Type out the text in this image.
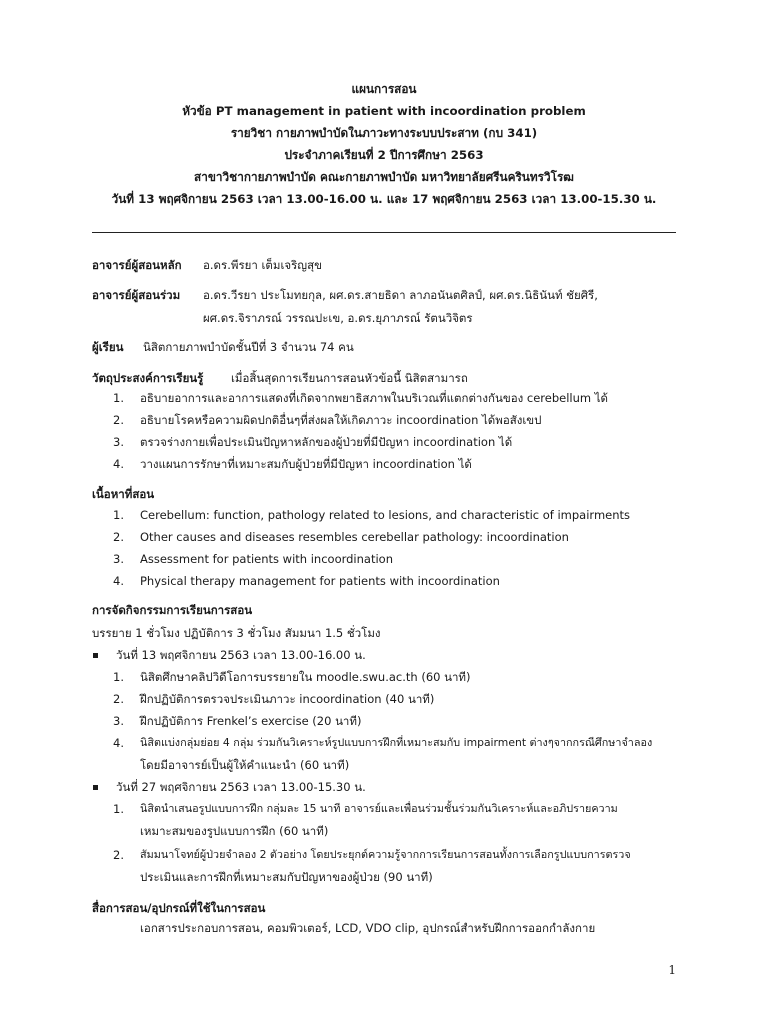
แผนการสอน
หัวข้อ PT management in patient with incoordination problem
รายวิชา กายภาพบำบัดในภาวะทางระบบประสาท (กบ 341)
ประจำภาคเรียนที่ 2 ปีการศึกษา 2563
สาขาวิชากายภาพบำบัด คณะกายภาพบำบัด มหาวิทยาลัยศรีนครินทรวิโรฒ
วันที่ 13 พฤศจิกายน 2563 เวลา 13.00-16.00 น. และ 17 พฤศจิกายน 2563 เวลา 13.00-15.30 น.
อาจารย์ผู้สอนหลัก อ.ดร.พีรยา เต็มเจริญสุข
อาจารย์ผู้สอนร่วม อ.ดร.วีรยา ประโมทยกุล, ผศ.ดร.สายธิดา ลาภอนันตศิลป์, ผศ.ดร.นิธินันท์ ชัยศิรี,
ผศ.ดร.จิราภรณ์ วรรณปะเข, อ.ดร.ยุภาภรณ์ รัตนวิจิตร
ผู้เรียน นิสิตกายภาพบำบัดชั้นปีที่ 3 จำนวน 74 คน
วัตถุประสงค์การเรียนรู้ เมื่อสิ้นสุดการเรียนการสอนหัวข้อนี้ นิสิตสามารถ
1. อธิบายอาการและอาการแสดงที่เกิดจากพยาธิสภาพในบริเวณที่แตกต่างกันของ cerebellum ได้
2. อธิบายโรคหรือความผิดปกติอื่นๆที่ส่งผลให้เกิดภาวะ incoordination ได้พอสังเขป
3. ตรวจร่างกายเพื่อประเมินปัญหาหลักของผู้ป่วยที่มีปัญหา incoordination ได้
4. วางแผนการรักษาที่เหมาะสมกับผู้ป่วยที่มีปัญหา incoordination ได้
เนื้อหาที่สอน
1. Cerebellum: function, pathology related to lesions, and characteristic of impairments
2. Other causes and diseases resembles cerebellar pathology: incoordination
3. Assessment for patients with incoordination
4. Physical therapy management for patients with incoordination
การจัดกิจกรรมการเรียนการสอน
บรรยาย 1 ชั่วโมง ปฏิบัติการ 3 ชั่วโมง สัมมนา 1.5 ชั่วโมง
วันที่ 13 พฤศจิกายน 2563 เวลา 13.00-16.00 น.
1. นิสิตศึกษาคลิปวิดีโอการบรรยายใน moodle.swu.ac.th (60 นาที)
2. ฝึกปฏิบัติการตรวจประเมินภาวะ incoordination (40 นาที)
3. ฝึกปฏิบัติการ Frenkel’s exercise (20 นาที)
4. นิสิตแบ่งกลุ่มย่อย 4 กลุ่ม ร่วมกันวิเคราะห์รูปแบบการฝึกที่เหมาะสมกับ impairment ต่างๆจากกรณีศึกษาจำลอง
โดยมีอาจารย์เป็นผู้ให้คำแนะนำ (60 นาที)
วันที่ 27 พฤศจิกายน 2563 เวลา 13.00-15.30 น.
1. นิสิตนำเสนอรูปแบบการฝึก กลุ่มละ 15 นาที อาจารย์และเพื่อนร่วมชั้นร่วมกันวิเคราะห์และอภิปรายความ
เหมาะสมของรูปแบบการฝึก (60 นาที)
2. สัมมนาโจทย์ผู้ป่วยจำลอง 2 ตัวอย่าง โดยประยุกต์ความรู้จากการเรียนการสอนทั้งการเลือกรูปแบบการตรวจ
ประเมินและการฝึกที่เหมาะสมกับปัญหาของผู้ป่วย (90 นาที)
สื่อการสอน/อุปกรณ์ที่ใช้ในการสอน
เอกสารประกอบการสอน, คอมพิวเตอร์, LCD, VDO clip, อุปกรณ์สำหรับฝึกการออกกำลังกาย
1
